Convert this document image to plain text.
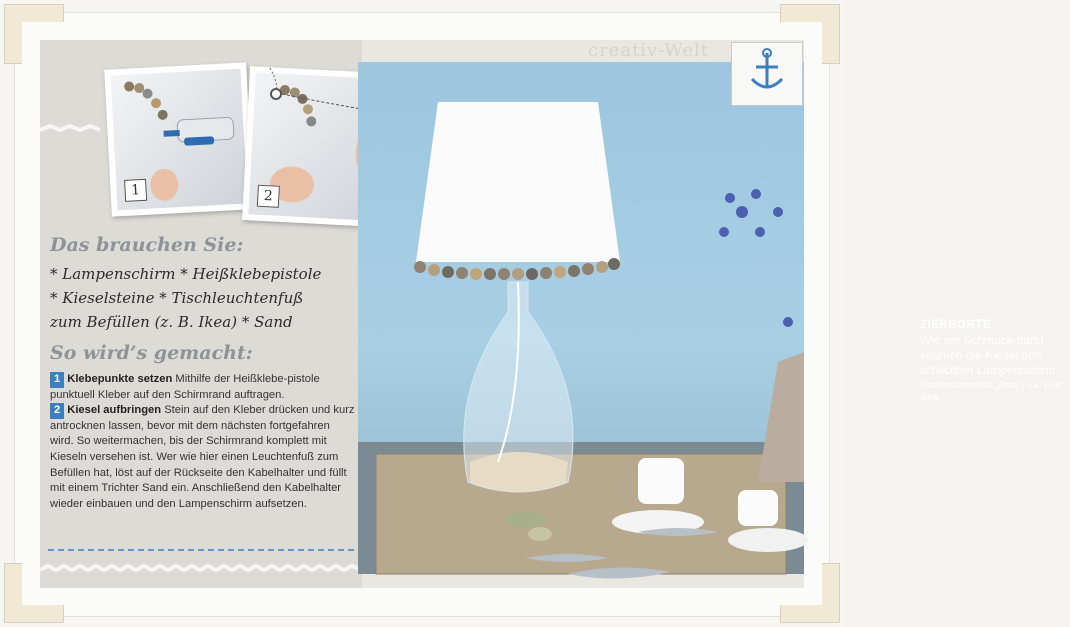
1	2
Das brauchen Sie:
* Lampenschirm * Heißklebepistole
* Kieselsteine * Tischleuchtenfuß
zum Befüllen (z. B. Ikea) * Sand
So wird’s gemacht:
1 Klebepunkte setzen Mithilfe der Heißklebe-pistole punktuell Kleber auf den Schirmrand auftragen.
2 Kiesel aufbringen Stein auf den Kleber drücken und kurz antrocknen lassen, bevor mit dem nächsten fortgefahren wird. So weitermachen, bis der Schirmrand komplett mit Kieseln versehen ist. Wer wie hier einen Leuchtenfuß zum Befüllen hat, löst auf der Rückseite den Kabelhalter und füllt mit einem Trichter Sand ein. Anschließend den Kabelhalter wieder einbauen und den Lampenschirm aufsetzen.
ZIERBORTE
Wie ein Schmuck-band säumen die Kiesel den schlichten Lampenschirm
Tischleuchtenfuß „Bran“, ca. 10 €: Ikea
creativ-Welt
